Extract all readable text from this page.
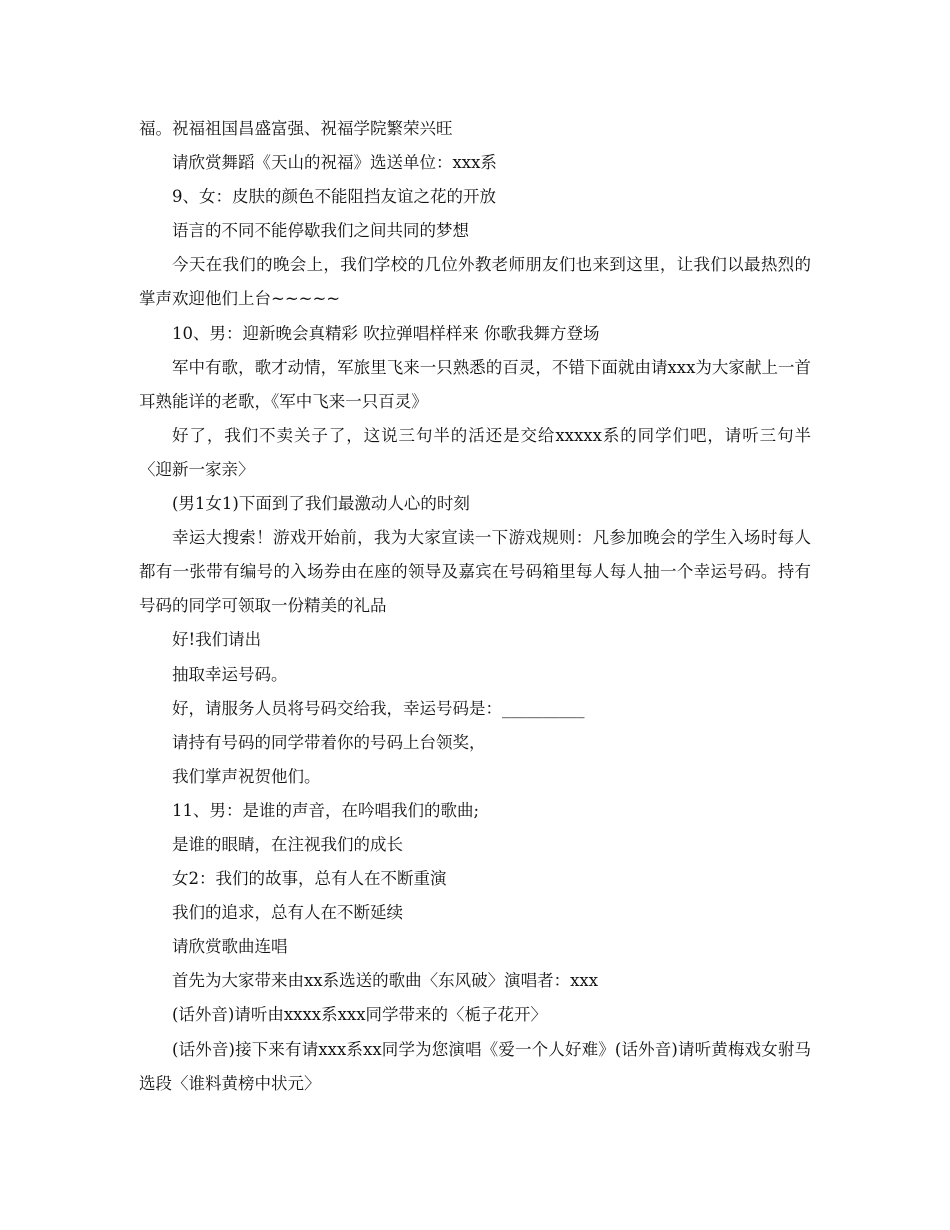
福。祝福祖国昌盛富强、祝福学院繁荣兴旺

请欣赏舞蹈《天山的祝福》选送单位：xxx系

9、女：皮肤的颜色不能阻挡友谊之花的开放

语言的不同不能停歇我们之间共同的梦想

今天在我们的晚会上，我们学校的几位外教老师朋友们也来到这里，让我们以最热烈的掌声欢迎他们上台~~~~~

10、男：迎新晚会真精彩 吹拉弹唱样样来 你歌我舞方登场

军中有歌，歌才动情，军旅里飞来一只熟悉的百灵，不错下面就由请xxx为大家献上一首耳熟能详的老歌，《军中飞来一只百灵》

好了，我们不卖关子了，这说三句半的活还是交给xxxxx系的同学们吧，请听三句半〈迎新一家亲〉

(男1女1)下面到了我们最激动人心的时刻

幸运大搜索！游戏开始前，我为大家宣读一下游戏规则：凡参加晚会的学生入场时每人都有一张带有编号的入场券由在座的领导及嘉宾在号码箱里每人每人抽一个幸运号码。持有号码的同学可领取一份精美的礼品

好!我们请出

抽取幸运号码。

好，请服务人员将号码交给我，幸运号码是：__________

请持有号码的同学带着你的号码上台领奖，

我们掌声祝贺他们。

11、男：是谁的声音，在吟唱我们的歌曲;

是谁的眼睛，在注视我们的成长

女2：我们的故事，总有人在不断重演

我们的追求，总有人在不断延续

请欣赏歌曲连唱

首先为大家带来由xx系选送的歌曲〈东风破〉演唱者：xxx

(话外音)请听由xxxx系xxx同学带来的〈栀子花开〉

(话外音)接下来有请xxx系xx同学为您演唱《爱一个人好难》(话外音)请听黄梅戏女驸马选段〈谁料黄榜中状元〉
